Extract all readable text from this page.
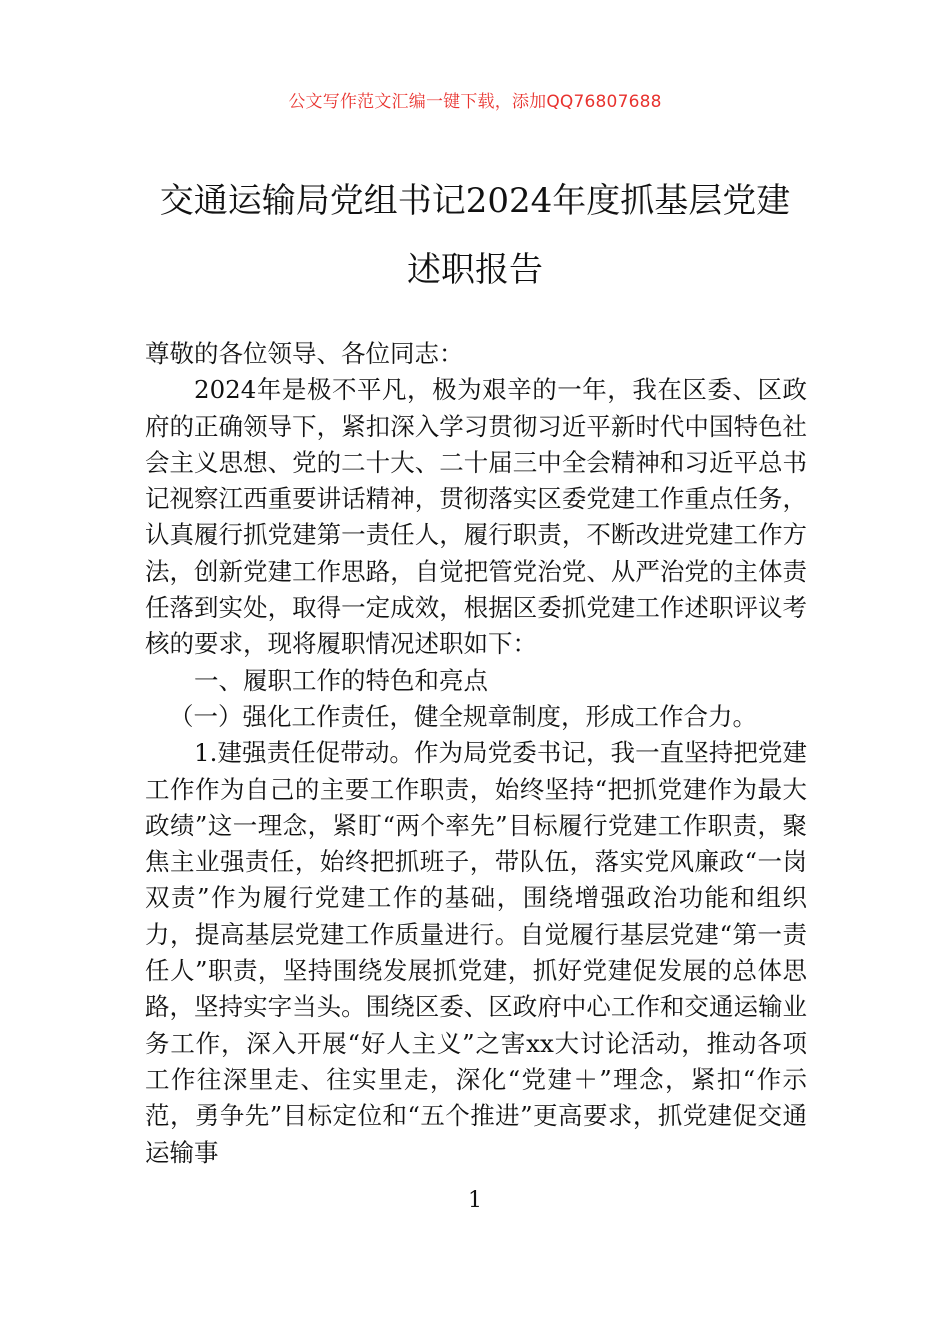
公文写作范文汇编一键下载，添加QQ76807688
交通运输局党组书记2024年度抓基层党建
述职报告

尊敬的各位领导、各位同志：

2024年是极不平凡，极为艰辛的一年，我在区委、区政府的正确领导下，紧扣深入学习贯彻习近平新时代中国特色社会主义思想、党的二十大、二十届三中全会精神和习近平总书记视察江西重要讲话精神，贯彻落实区委党建工作重点任务，认真履行抓党建第一责任人，履行职责，不断改进党建工作方法，创新党建工作思路，自觉把管党治党、从严治党的主体责任落到实处，取得一定成效，根据区委抓党建工作述职评议考核的要求，现将履职情况述职如下：

一、履职工作的特色和亮点

（一）强化工作责任，健全规章制度，形成工作合力。

1.建强责任促带动。作为局党委书记，我一直坚持把党建工作作为自己的主要工作职责，始终坚持“把抓党建作为最大政绩”这一理念，紧盯“两个率先”目标履行党建工作职责，聚焦主业强责任，始终把抓班子，带队伍，落实党风廉政“一岗双责”作为履行党建工作的基础，围绕增强政治功能和组织力，提高基层党建工作质量进行。自觉履行基层党建“第一责任人”职责，坚持围绕发展抓党建，抓好党建促发展的总体思路，坚持实字当头。围绕区委、区政府中心工作和交通运输业务工作，深入开展“好人主义”之害xx大讨论活动，推动各项工作往深里走、往实里走，深化“党建＋”理念，紧扣“作示范，勇争先”目标定位和“五个推进”更高要求，抓党建促交通运输事

1
